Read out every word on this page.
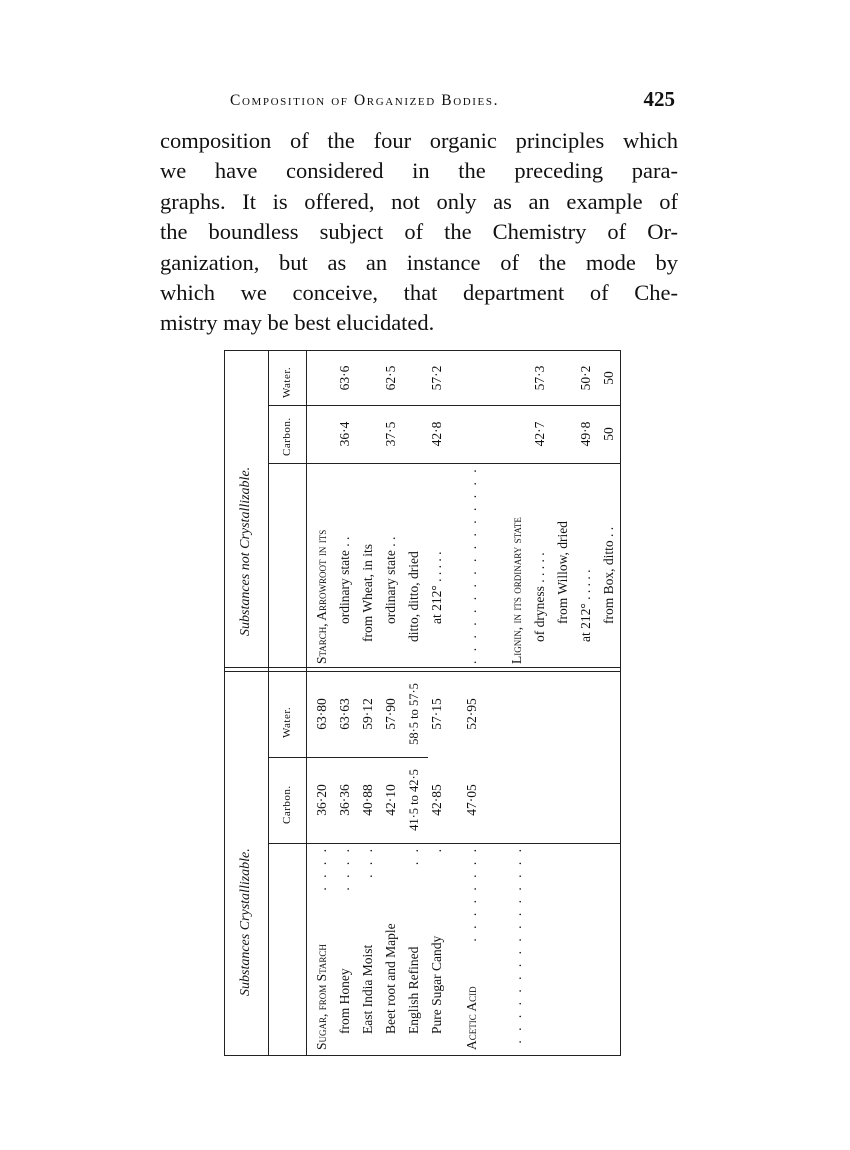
Composition of Organized Bodies.	425
composition of the four organic principles which
we have considered in the preceding para-
graphs. It is offered, not only as an example of
the boundless subject of the Chemistry of Or-
ganization, but as an instance of the mode by
which we conceive, that department of Che-
mistry may be best elucidated.
Substances Crystallizable.
Substances not Crystallizable.
Carbon.
Water.
Carbon.
Water.
Sugar, from Starch
. . . .
36·20
63·80
from Honey
. . . .
36·36
63·63
East India Moist
. . .
40·88
59·12
Beet root and Maple
42·10
57·90
English Refined
. .
41·5 to 42·5
58·5 to 57·5
Pure Sugar Candy
.
42·85
57·15
Acetic Acid
. . . . . . . .
47·05
52·95
. . . . . . . . . . . . . . . .
Starch, Arrowroot in its ordinary state . .
36·4
63·6
from Wheat, in its ordinary state . .
37·5
62·5
ditto, ditto, dried at 212° . . . . .
42·8
57·2
. . . . . . . . . . . . . . . . Lignin, in its ordinary state of dryness . . . . .
42·7
57·3
from Willow, dried at 212° . . . . .
49·8
50·2
from Box, ditto . .
50
50
